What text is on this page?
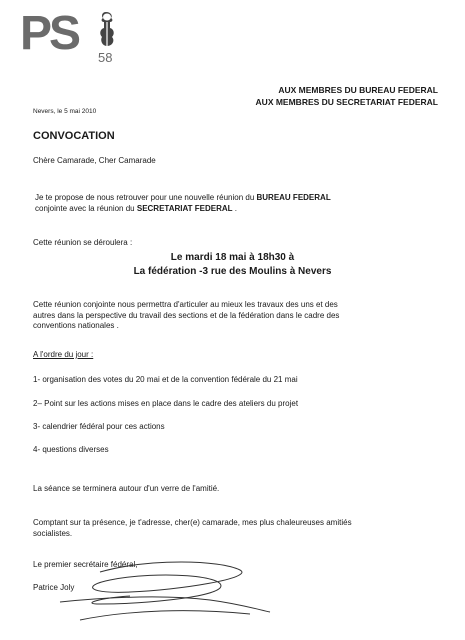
PS 58
AUX MEMBRES DU BUREAU FEDERAL
AUX MEMBRES DU SECRETARIAT FEDERAL
Nevers, le 5 mai 2010
CONVOCATION
Chère Camarade, Cher Camarade
Je te propose de nous retrouver pour une nouvelle réunion du BUREAU FEDERAL
conjointe avec la réunion du SECRETARIAT FEDERAL .
Cette réunion se déroulera :
Le mardi 18 mai à 18h30 à
La fédération -3 rue des Moulins à Nevers
Cette réunion conjointe nous permettra d'articuler au mieux les travaux des uns et des
autres dans la perspective du travail des sections et de la fédération dans le cadre des
conventions nationales .
A l'ordre du jour :
1- organisation des votes du 20 mai et de la convention fédérale du 21 mai
2– Point sur les actions mises en place dans le cadre des ateliers du projet
3- calendrier fédéral pour ces actions
4- questions diverses
La séance se terminera autour d'un verre de l'amitié.
Comptant sur ta présence, je t'adresse, cher(e) camarade, mes plus chaleureuses amitiés
socialistes.
Le premier secrétaire fédéral,
Patrice Joly
